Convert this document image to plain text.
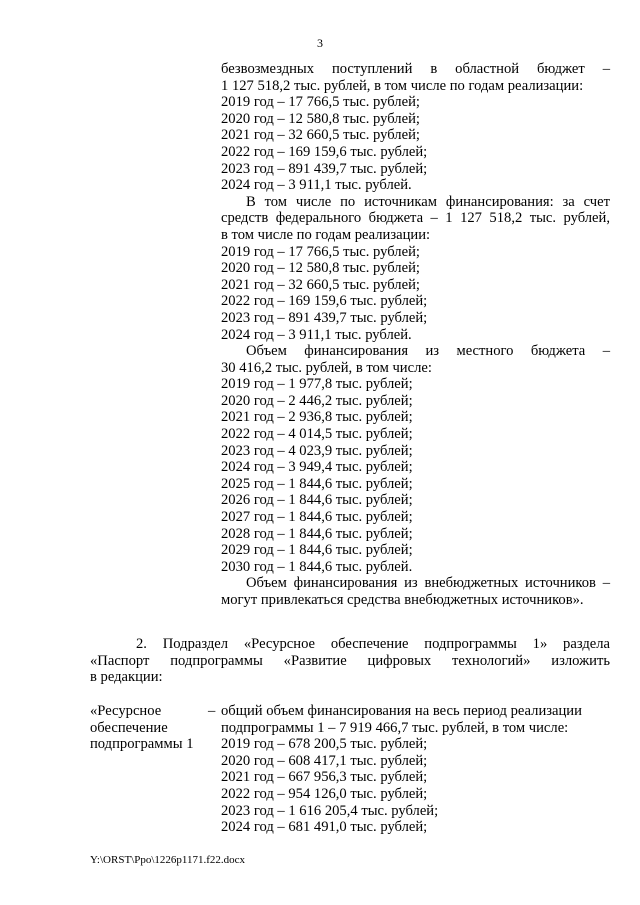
3
безвозмездных поступлений в областной бюджет –
1 127 518,2 тыс. рублей, в том числе по годам реализации:
2019 год – 17 766,5 тыс. рублей;
2020 год – 12 580,8 тыс. рублей;
2021 год – 32 660,5 тыс. рублей;
2022 год – 169 159,6 тыс. рублей;
2023 год – 891 439,7 тыс. рублей;
2024 год – 3 911,1 тыс. рублей.
В том числе по источникам финансирования: за счет
средств федерального бюджета – 1 127 518,2 тыс. рублей,
в том числе по годам реализации:
2019 год – 17 766,5 тыс. рублей;
2020 год – 12 580,8 тыс. рублей;
2021 год – 32 660,5 тыс. рублей;
2022 год – 169 159,6 тыс. рублей;
2023 год – 891 439,7 тыс. рублей;
2024 год – 3 911,1 тыс. рублей.
Объем финансирования из местного бюджета –
30 416,2 тыс. рублей, в том числе:
2019 год – 1 977,8 тыс. рублей;
2020 год – 2 446,2 тыс. рублей;
2021 год – 2 936,8 тыс. рублей;
2022 год – 4 014,5 тыс. рублей;
2023 год – 4 023,9 тыс. рублей;
2024 год – 3 949,4 тыс. рублей;
2025 год – 1 844,6 тыс. рублей;
2026 год – 1 844,6 тыс. рублей;
2027 год – 1 844,6 тыс. рублей;
2028 год – 1 844,6 тыс. рублей;
2029 год – 1 844,6 тыс. рублей;
2030 год – 1 844,6 тыс. рублей.
Объем финансирования из внебюджетных источников –
могут привлекаться средства внебюджетных источников».
2. Подраздел «Ресурсное обеспечение подпрограммы 1» раздела
«Паспорт подпрограммы «Развитие цифровых технологий» изложить
в редакции:
«Ресурсное
обеспечение
подпрограммы 1
– общий объем финансирования на весь период реализации
подпрограммы 1 – 7 919 466,7 тыс. рублей, в том числе:
2019 год – 678 200,5 тыс. рублей;
2020 год – 608 417,1 тыс. рублей;
2021 год – 667 956,3 тыс. рублей;
2022 год – 954 126,0 тыс. рублей;
2023 год – 1 616 205,4 тыс. рублей;
2024 год – 681 491,0 тыс. рублей;
Y:\ORST\Ppo\1226p1171.f22.docx
